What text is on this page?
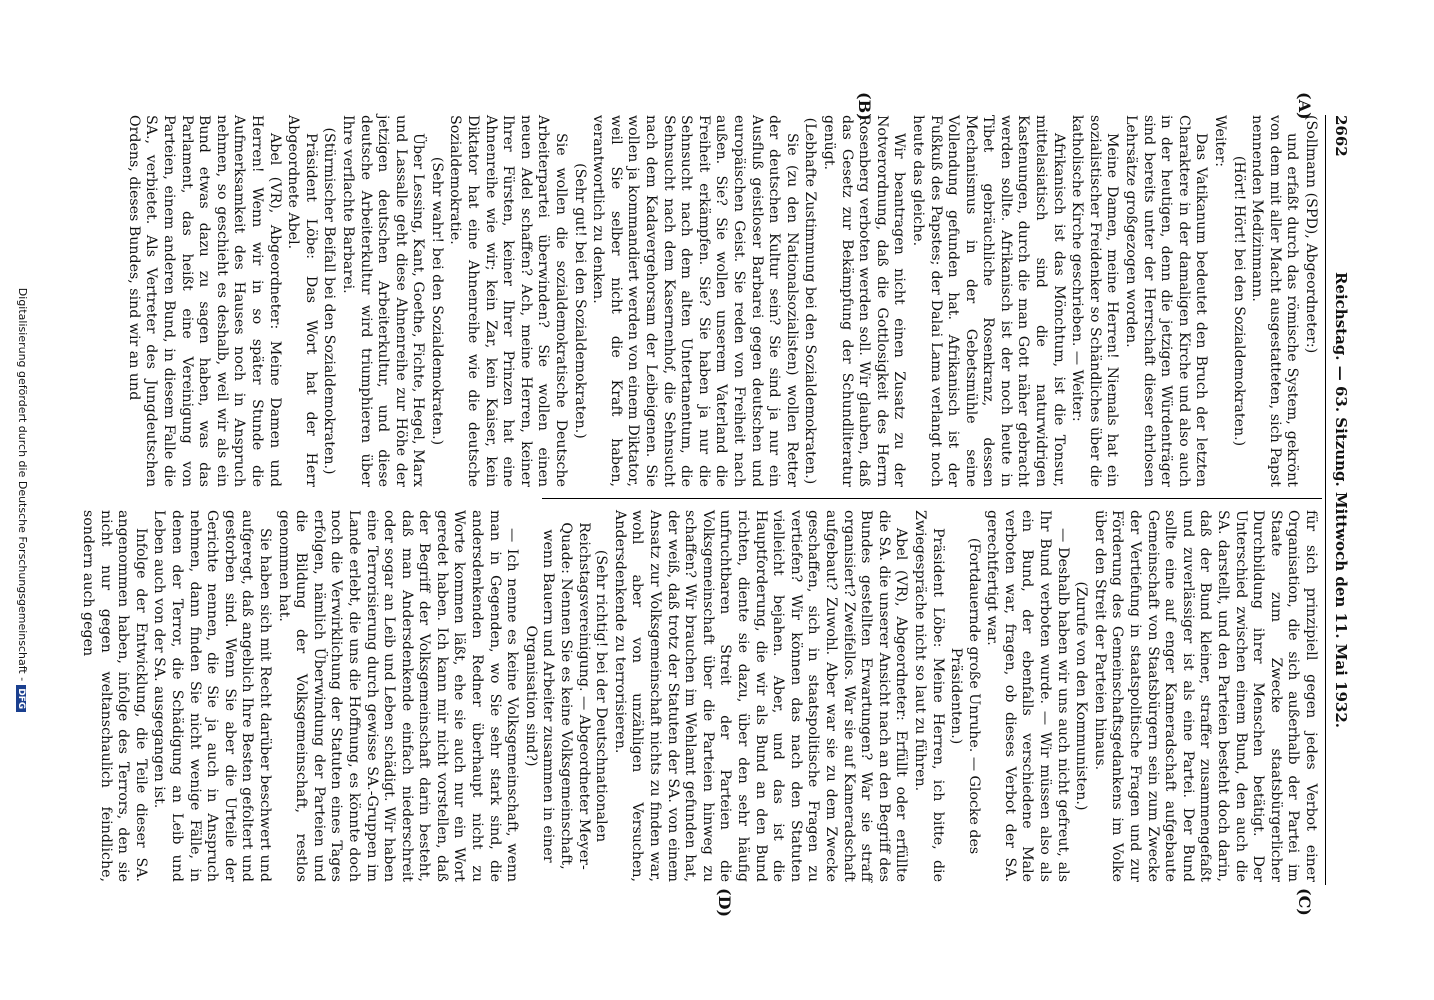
2662
Reichstag. — 63. Sitzung. Mittwoch den 11. Mai 1932.
(A)
(B)
(C)
(D)

(Sollmann (SPD), Abgeordneter:)

und erfaßt durch das römische System, gekrönt von dem mit aller Macht ausgestatteten, sich Papst nennenden Medizinmann.

(Hört! Hört! bei den Sozialdemokraten.)

Weiter:

Das Vatikanum bedeutet den Bruch der letzten Charaktere in der damaligen Kirche und also auch in der heutigen, denn die jetzigen Würdenträger sind bereits unter der Herrschaft dieser ehrlosen Lehrsätze großgezogen worden.

Meine Damen, meine Herren! Niemals hat ein sozialistischer Freidenker so Schändliches über die katholische Kirche geschrieben. — Weiter:

Afrikanisch ist das Mönchtum, ist die Tonsur, mittelasiatisch sind die naturwidrigen Kastenungen, durch die man Gott näher gebracht werden sollte. Afrikanisch ist der noch heute in Tibet gebräuchliche Rosenkranz, dessen Mechanismus in der Gebetsmühle seine Vollendung gefunden hat. Afrikanisch ist der Fußkuß des Papstes; der Dalai Lama verlangt noch heute das gleiche.

Wir beantragen nicht einen Zusatz zu der Notverordnung, daß die Gottlosigkeit des Herrn Rosenberg verboten werden soll. Wir glauben, daß das Gesetz zur Bekämpfung der Schundliteratur genügt.

(Lebhafte Zustimmung bei den Sozialdemokraten.)

Sie (zu den Nationalsozialisten) wollen Retter der deutschen Kultur sein? Sie sind ja nur ein Ausfluß geistloser Barbarei gegen deutschen und europäischen Geist. Sie reden von Freiheit nach außen. Sie? Sie wollen unserem Vaterland die Freiheit erkämpfen. Sie? Sie haben ja nur die Sehnsucht nach dem alten Untertanentum, die Sehnsucht nach dem Kasernenhof, die Sehnsucht nach dem Kadavergehorsam der Leibeigenen. Sie wollen ja kommandiert werden von einem Diktator, weil Sie selber nicht die Kraft haben, verantwortlich zu denken.

(Sehr gut! bei den Sozialdemokraten.)

Sie wollen die sozialdemokratische Deutsche Arbeiterpartei überwinden? Sie wollen einen neuen Adel schaffen? Ach, meine Herren, keiner Ihrer Fürsten, keiner Ihrer Prinzen hat eine Ahnenreihe wie wir; kein Zar, kein Kaiser, kein Diktator hat eine Ahnenreihe wie die deutsche Sozialdemokratie.

(Sehr wahr! bei den Sozialdemokraten.)

Über Lessing, Kant, Goethe, Fichte, Hegel, Marx und Lassalle geht diese Ahnenreihe zur Höhe der jetzigen deutschen Arbeiterkultur, und diese deutsche Arbeiterkultur wird triumphieren über Ihre verflachte Barbarei.

(Stürmischer Beifall bei den Sozialdemokraten.)

Präsident Löbe: Das Wort hat der Herr Abgeordnete Abel.

Abel (VR), Abgeordneter: Meine Damen und Herren! Wenn wir in so später Stunde die Aufmerksamkeit des Hauses noch in Anspruch nehmen, so geschieht es deshalb, weil wir als ein Bund etwas dazu zu sagen haben, was das Parlament, das heißt eine Vereinigung von Parteien, einem anderen Bund, in diesem Falle die SA., verbietet. Als Vertreter des Jungdeutschen Ordens, dieses Bundes, sind wir an und

für sich prinzipiell gegen jedes Verbot einer Organisation, die sich außerhalb der Partei im Staate zum Zwecke staatsbürgerlicher Durchbildung ihrer Menschen betätigt. Der Unterschied zwischen einem Bund, den auch die SA. darstellt, und den Parteien besteht doch darin, daß der Bund kleiner, straffer zusammengefaßt und zuverlässiger ist als eine Partei. Der Bund sollte eine auf enger Kameradschaft aufgebaute Gemeinschaft von Staatsbürgern sein zum Zwecke der Vertiefung in staatspolitische Fragen und zur Förderung des Gemeinschaftsgedankens im Volke über den Streit der Parteien hinaus.

(Zurufe von den Kommunisten.)

— Deshalb haben wir uns auch nicht gefreut, als Ihr Bund verboten wurde. — Wir müssen also als ein Bund, der ebenfalls verschiedene Male verboten war, fragen, ob dieses Verbot der SA. gerechtfertigt war.

(Fortdauernde große Unruhe. — Glocke des Präsidenten.)

Präsident Löbe: Meine Herren, ich bitte, die Zwiegespräche nicht so laut zu führen.

Abel (VR), Abgeordneter: Erfüllt oder erfüllte die SA. die unserer Ansicht nach an den Begriff des Bundes gestellten Erwartungen? War sie straff organisiert? Zweifellos. War sie auf Kameradschaft aufgebaut? Zuwohl. Aber war sie zu dem Zwecke geschaffen, sich in staatspolitische Fragen zu vertiefen? Wir können das nach den Statuten vielleicht bejahen. Aber, und das ist die Hauptforderung, die wir als Bund an den Bund richten, diente sie dazu, über den sehr häufig unfruchtbaren Streit der Parteien die Volksgemeinschaft über die Parteien hinweg zu schaffen? Wir brauchen im Wehlamt gefunden hat, der weiß, daß trotz der Statuten der SA. von einem Ansatz zur Volksgemeinschaft nichts zu finden war, wohl aber von unzähligen Versuchen, Andersdenkende zu terrorisieren.

(Sehr richtig! bei der Deutschnationalen Reichstagsvereinigung. — Abgeordneter Meyer-Quade: Nennen Sie es keine Volksgemeinschaft, wenn Bauern und Arbeiter zusammen in einer Organisation sind?)

— Ich nenne es keine Volksgemeinschaft, wenn man in Gegenden, wo Sie sehr stark sind, die andersdenkenden Redner überhaupt nicht zu Worte kommen läßt, ehe sie auch nur ein Wort geredet haben. Ich kann mir nicht vorstellen, daß der Begriff der Volksgemeinschaft darin besteht, daß man Andersdenkende einfach niederschreit oder sogar an Leib und Leben schädigt. Wir haben eine Terrorisierung durch gewisse SA.-Gruppen im Lande erlebt, die uns die Hoffnung, es könnte doch noch die Verwirklichung der Statuten eines Tages erfolgen, nämlich Überwindung der Parteien und die Bildung der Volksgemeinschaft, restlos genommen hat.

Sie haben sich mit Recht darüber beschwert und aufgeregt, daß angeblich Ihre Besten gefoltert und gestorben sind. Wenn Sie aber die Urteile der Gerichte nennen, die Sie ja auch in Anspruch nehmen, dann finden Sie nicht wenige Fälle, in denen der Terror, die Schädigung an Leib und Leben auch von der SA. ausgegangen ist.

Infolge der Entwicklung, die Teile dieser SA. angenommen haben, infolge des Terrors, den sie nicht nur gegen weltanschaulich feindliche, sondern auch gegen

Digitalisierung gefördert durch die Deutsche Forschungsgemeinschaft -DFG
